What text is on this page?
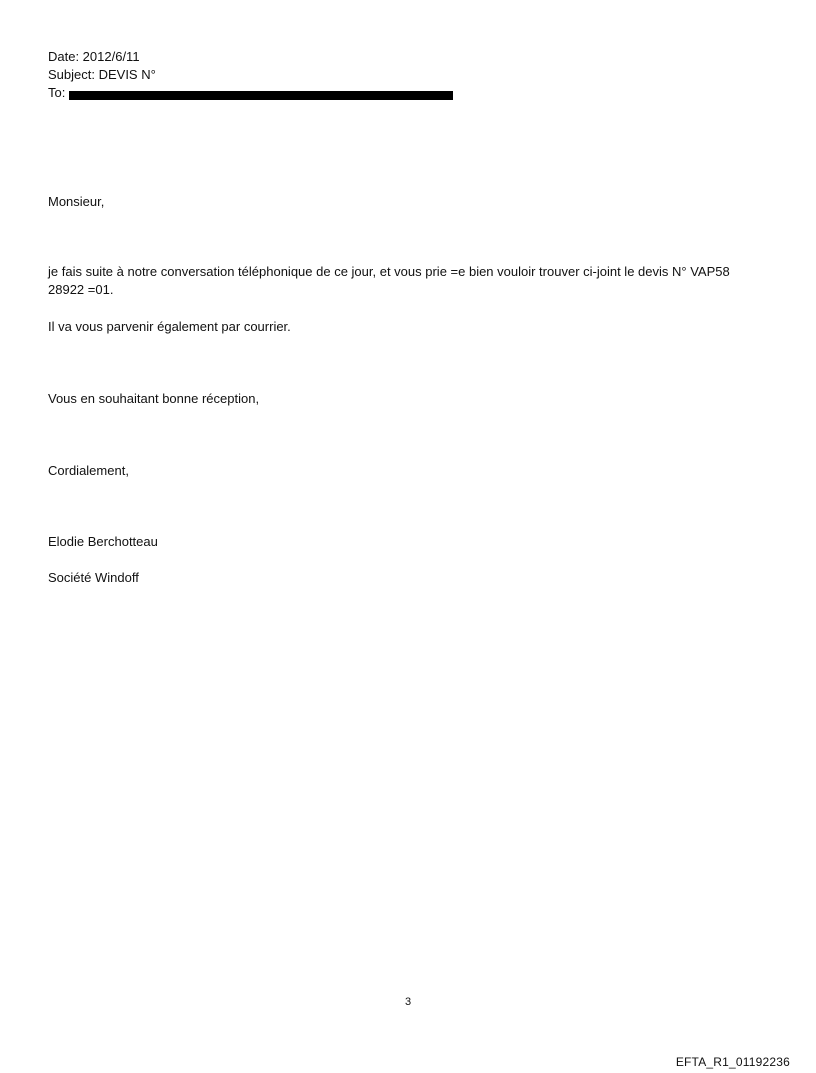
Date: 2012/6/11
Subject: DEVIS N°
To:
Monsieur,
je fais suite à notre conversation téléphonique de ce jour, et vous prie =e bien vouloir trouver ci-joint le devis N° VAP58 28922 =01.
Il va vous parvenir également par courrier.
Vous en souhaitant bonne réception,
Cordialement,
Elodie Berchotteau
Société Windoff
3
EFTA_R1_01192236
